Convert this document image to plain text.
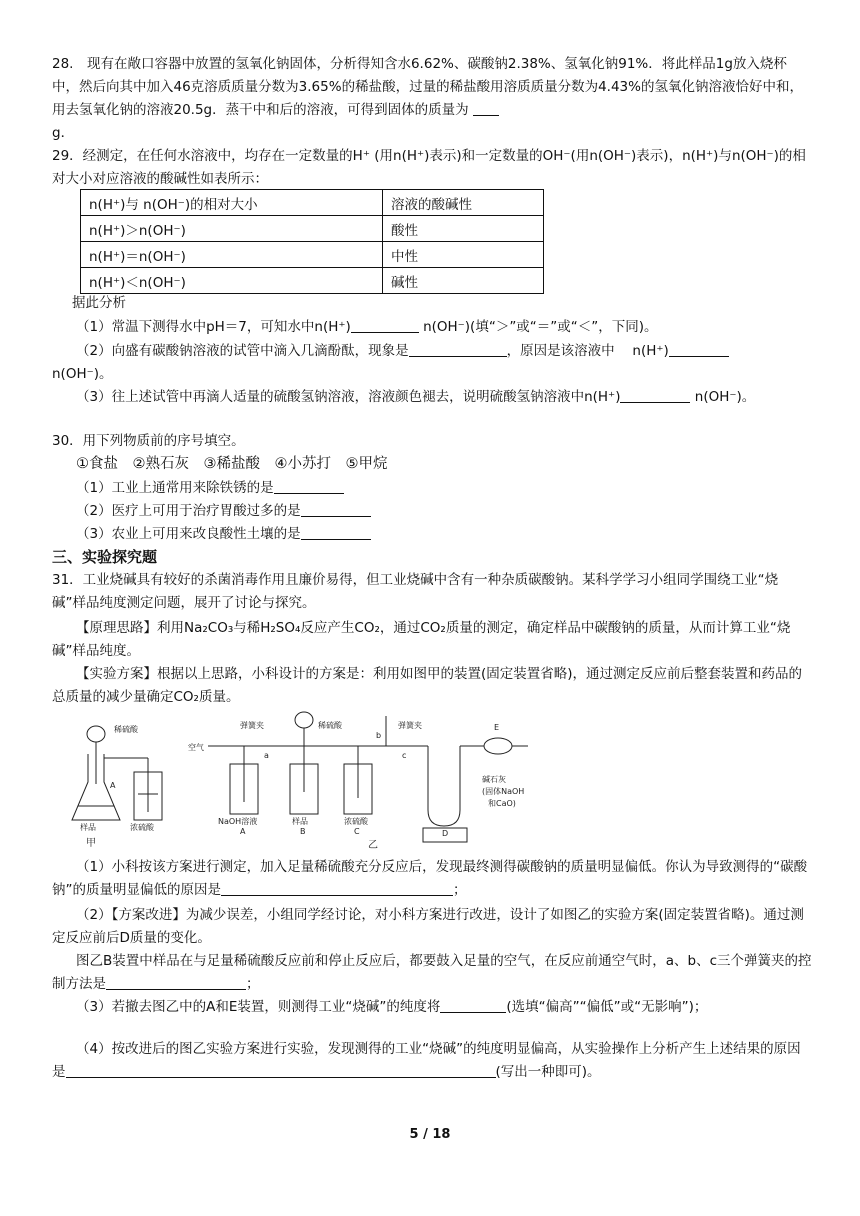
28.　现有在敞口容器中放置的氢氧化钠固体，分析得知含水6.62%、碳酸钠2.38%、氢氧化钠91%．将此样品1g放入烧杯中，然后向其中加入46克溶质质量分数为3.65%的稀盐酸，过量的稀盐酸用溶质质量分数为4.43%的氢氧化钠溶液恰好中和，用去氢氧化钠的溶液20.5g．蒸干中和后的溶液，可得到固体的质量为
g．
29．经测定，在任何水溶液中，均存在一定数量的H⁺ (用n(H⁺)表示)和一定数量的OH⁻(用n(OH⁻)表示)，n(H⁺)与n(OH⁻)的相对大小对应溶液的酸碱性如表所示：
n(H⁺)与 n(OH⁻)的相对大小	溶液的酸碱性
n(H⁺)＞n(OH⁻)	酸性
n(H⁺)＝n(OH⁻)	中性
n(H⁺)＜n(OH⁻)	碱性
据此分析
（1）常温下测得水中pH＝7，可知水中n(H⁺)	n(OH⁻)(填“＞”或“＝”或“＜”，下同)。
（2）向盛有碳酸钠溶液的试管中滴入几滴酚酞，现象是	，原因是该溶液中　 n(H⁺)
n(OH⁻)。
（3）往上述试管中再滴人适量的硫酸氢钠溶液，溶液颜色褪去，说明硫酸氢钠溶液中n(H⁺)	n(OH⁻)。
30．用下列物质前的序号填空。
①食盐　②熟石灰　③稀盐酸　④小苏打　⑤甲烷
（1）工业上通常用来除铁锈的是
（2）医疗上可用于治疗胃酸过多的是
（3）农业上可用来改良酸性土壤的是
三、实验探究题
31．工业烧碱具有较好的杀菌消毒作用且廉价易得，但工业烧碱中含有一种杂质碳酸钠。某科学学习小组同学围绕工业“烧碱”样品纯度测定问题，展开了讨论与探究。
【原理思路】利用Na₂CO₃与稀H₂SO₄反应产生CO₂，通过CO₂质量的测定，确定样品中碳酸钠的质量，从而计算工业“烧碱”样品纯度。
【实验方案】根据以上思路，小科设计的方案是：利用如图甲的装置(固定装置省略)，通过测定反应前后整套装置和药品的总质量的减少量确定CO₂质量。
稀硫酸
A
样品	浓硫酸
甲
空气
弹簧夹	稀硫酸	弹簧夹
a
b
c
NaOH溶液
A
样品
B
浓硫酸
C	D
E
碱石灰
(固体NaOH
和CaO)
乙
（1）小科按该方案进行测定，加入足量稀硫酸充分反应后，发现最终测得碳酸钠的质量明显偏低。你认为导致测得的“碳酸钠”的质量明显偏低的原因是	；
（2）【方案改进】为减少误差，小组同学经讨论，对小科方案进行改进，设计了如图乙的实验方案(固定装置省略)。通过测定反应前后D质量的变化。
图乙B装置中样品在与足量稀硫酸反应前和停止反应后，都要鼓入足量的空气，在反应前通空气时，a、b、c三个弹簧夹的控制方法是	；
（3）若撤去图乙中的A和E装置，则测得工业“烧碱”的纯度将	(选填“偏高”“偏低”或“无影响”)；
（4）按改进后的图乙实验方案进行实验，发现测得的工业“烧碱”的纯度明显偏高，从实验操作上分析产生上述结果的原因是	(写出一种即可)。
5 / 18
